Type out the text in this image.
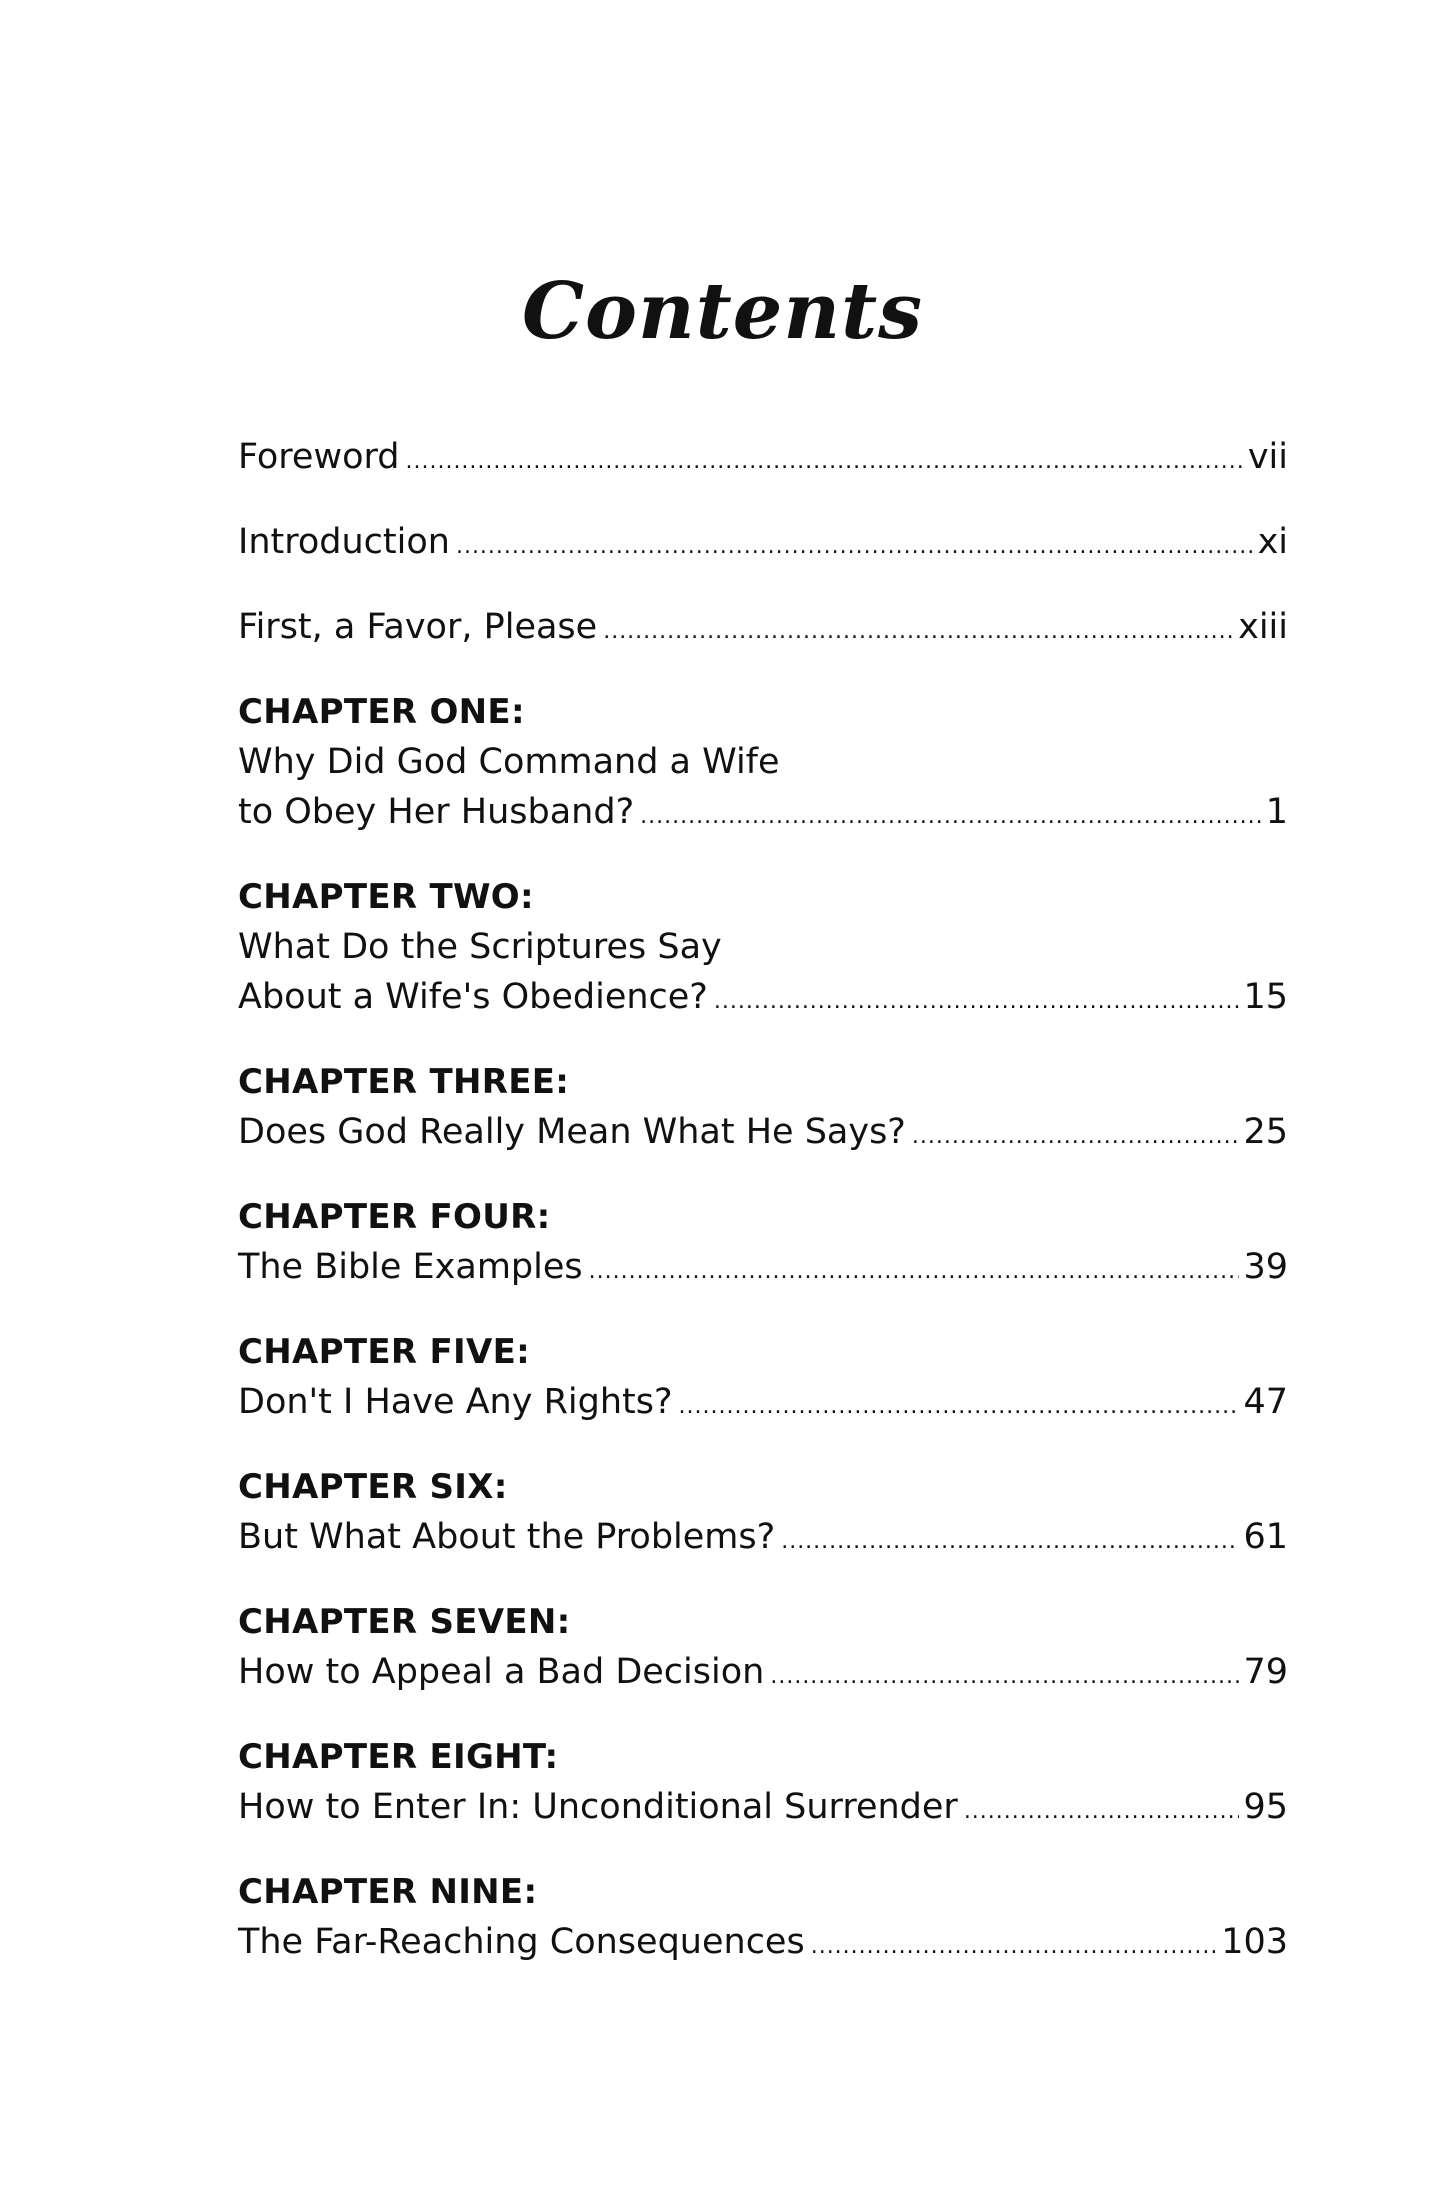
Contents
Foreword .....	vii
Introduction .....	xi
First, a Favor, Please .....	xiii
CHAPTER ONE:
Why Did God Command a Wife
to Obey Her Husband? .....	1
CHAPTER TWO:
What Do the Scriptures Say
About a Wife's Obedience? .....	15
CHAPTER THREE:
Does God Really Mean What He Says? .....	25
CHAPTER FOUR:
The Bible Examples .....	39
CHAPTER FIVE:
Don't I Have Any Rights? .....	47
CHAPTER SIX:
But What About the Problems? .....	61
CHAPTER SEVEN:
How to Appeal a Bad Decision .....	79
CHAPTER EIGHT:
How to Enter In: Unconditional Surrender .....	95
CHAPTER NINE:
The Far-Reaching Consequences .....	103
